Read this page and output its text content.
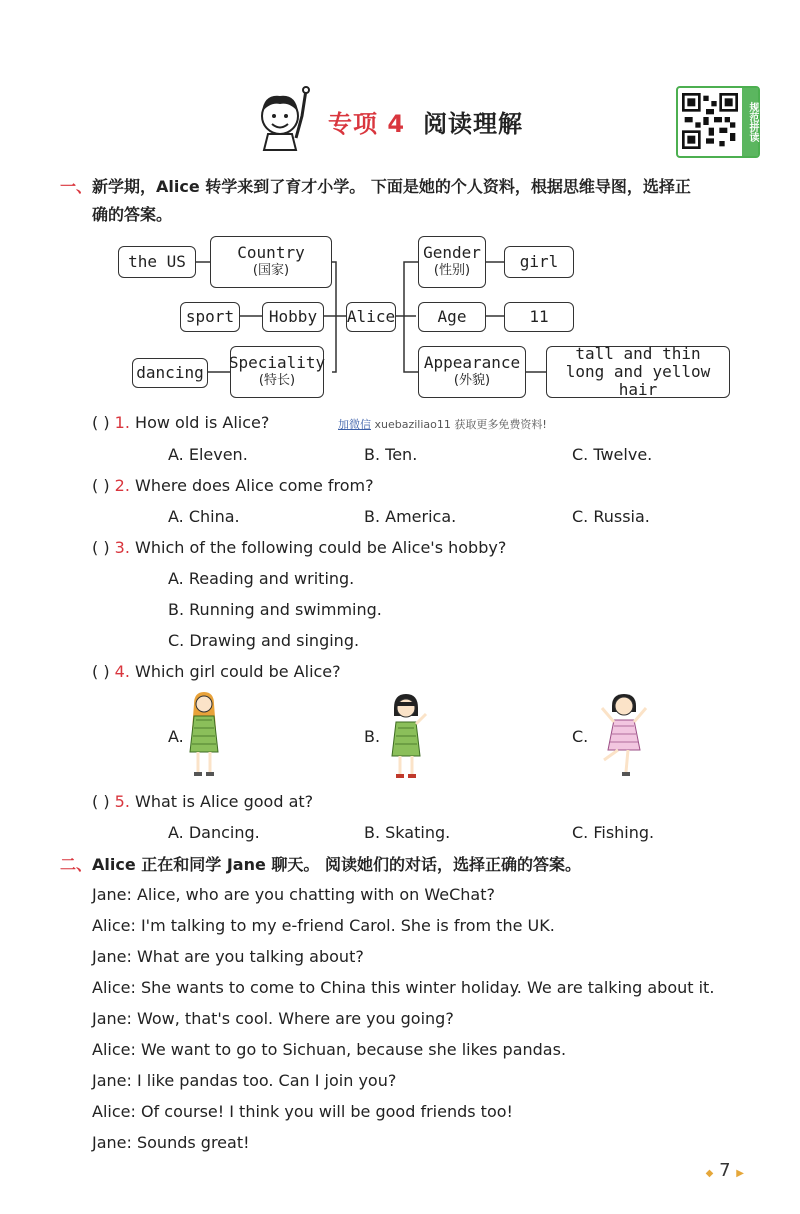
专项 4 阅读理解	规范拼读
一、新学期，Alice 转学来到了育才小学。 下面是她的个人资料，根据思维导图，选择正
确的答案。
the US	Country
(国家)
sport Hobby
dancing
Speciality
(特长)
Alice
Gender
(性别)	girl
Age	11
Appearance
(外貌)
tall and thin
long and yellow hair
( ) 1. How old is Alice?	加微信 xuebaziliao11 获取更多免费资料!
A. Eleven.	B. Ten.	C. Twelve.
( ) 2. Where does Alice come from?
A. China.	B. America.	C. Russia.
( ) 3. Which of the following could be Alice's hobby?
A. Reading and writing.
B. Running and swimming.
C. Drawing and singing.
( ) 4. Which girl could be Alice?
A.	B.	C.
( ) 5. What is Alice good at?
A. Dancing.	B. Skating.	C. Fishing.
二、Alice 正在和同学 Jane 聊天。 阅读她们的对话，选择正确的答案。
Jane: Alice, who are you chatting with on WeChat?
Alice: I'm talking to my e-friend Carol. She is from the UK.
Jane: What are you talking about?
Alice: She wants to come to China this winter holiday. We are talking about it.
Jane: Wow, that's cool. Where are you going?
Alice: We want to go to Sichuan, because she likes pandas.
Jane: I like pandas too. Can I join you?
Alice: Of course! I think you will be good friends too!
Jane: Sounds great!
◆ 7 ▶
